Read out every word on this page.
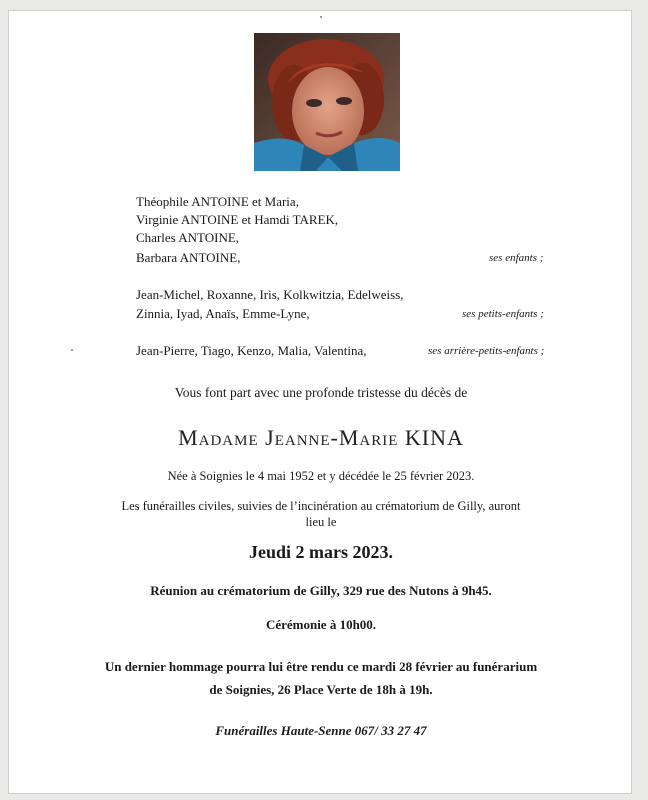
Théophile ANTOINE et Maria,
Virginie ANTOINE et Hamdi TAREK,
Charles ANTOINE,
Barbara ANTOINE,	ses enfants ;
Jean-Michel, Roxanne, Iris, Kolkwitzia, Edelweiss,
Zinnia, Iyad, Anaïs, Emme-Lyne,	ses petits-enfants ;
Jean-Pierre, Tiago, Kenzo, Malia, Valentina,	ses arrière-petits-enfants ;
Vous font part avec une profonde tristesse du décès de
Madame Jeanne-Marie KINA
Née à Soignies le 4 mai 1952 et y décédée le 25 février 2023.
Les funérailles civiles, suivies de l’incinération au crématorium de Gilly, auront
lieu le
Jeudi 2 mars 2023.
Réunion au crématorium de Gilly, 329 rue des Nutons à 9h45.
Cérémonie à 10h00.
Un dernier hommage pourra lui être rendu ce mardi 28 février au funérarium
de Soignies, 26 Place Verte de 18h à 19h.
Funérailles Haute-Senne 067/ 33 27 47
